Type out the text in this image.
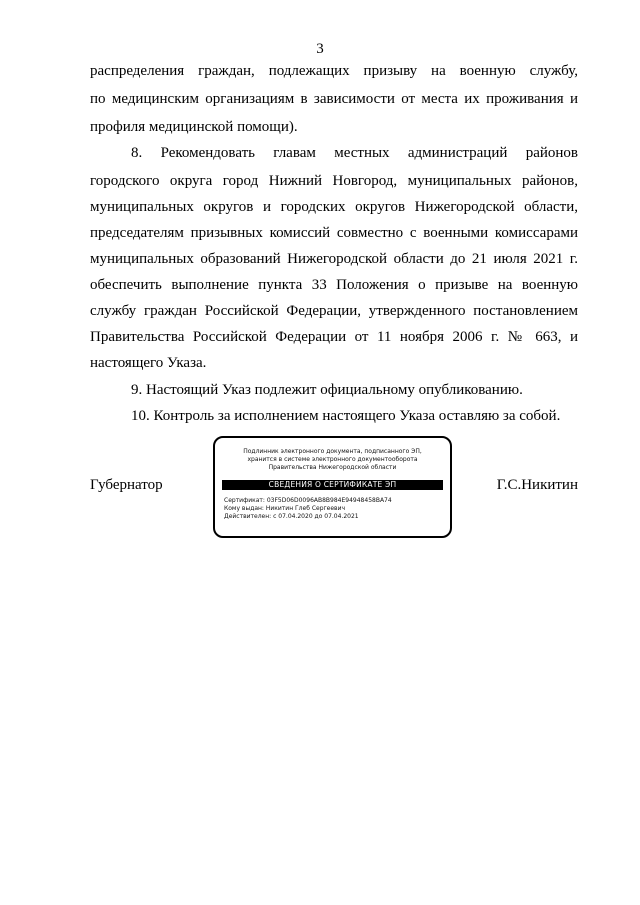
3
распределения граждан, подлежащих призыву на военную службу,
по медицинским организациям в зависимости от места их проживания и
профиля медицинской помощи).
8. Рекомендовать главам местных администраций районов
городского округа город Нижний Новгород, муниципальных районов,
муниципальных округов и городских округов Нижегородской области,
председателям призывных комиссий совместно с военными комиссарами
муниципальных образований Нижегородской области до 21 июля 2021 г.
обеспечить выполнение пункта 33 Положения о призыве на военную
службу граждан Российской Федерации, утвержденного постановлением
Правительства Российской Федерации от 11 ноября 2006 г. № 663, и
настоящего Указа.
9. Настоящий Указ подлежит официальному опубликованию.
10. Контроль за исполнением настоящего Указа оставляю за собой.
Губернатор
Подлинник электронного документа, подписанного ЭП,
хранится в системе электронного документооборота
Правительства Нижегородской области
СВЕДЕНИЯ О СЕРТИФИКАТЕ ЭП
Сертификат: 03F5D06D0096AB8B984E94948458BA74
Кому выдан: Никитин Глеб Сергеевич
Действителен: с 07.04.2020 до 07.04.2021
Г.С.Никитин
